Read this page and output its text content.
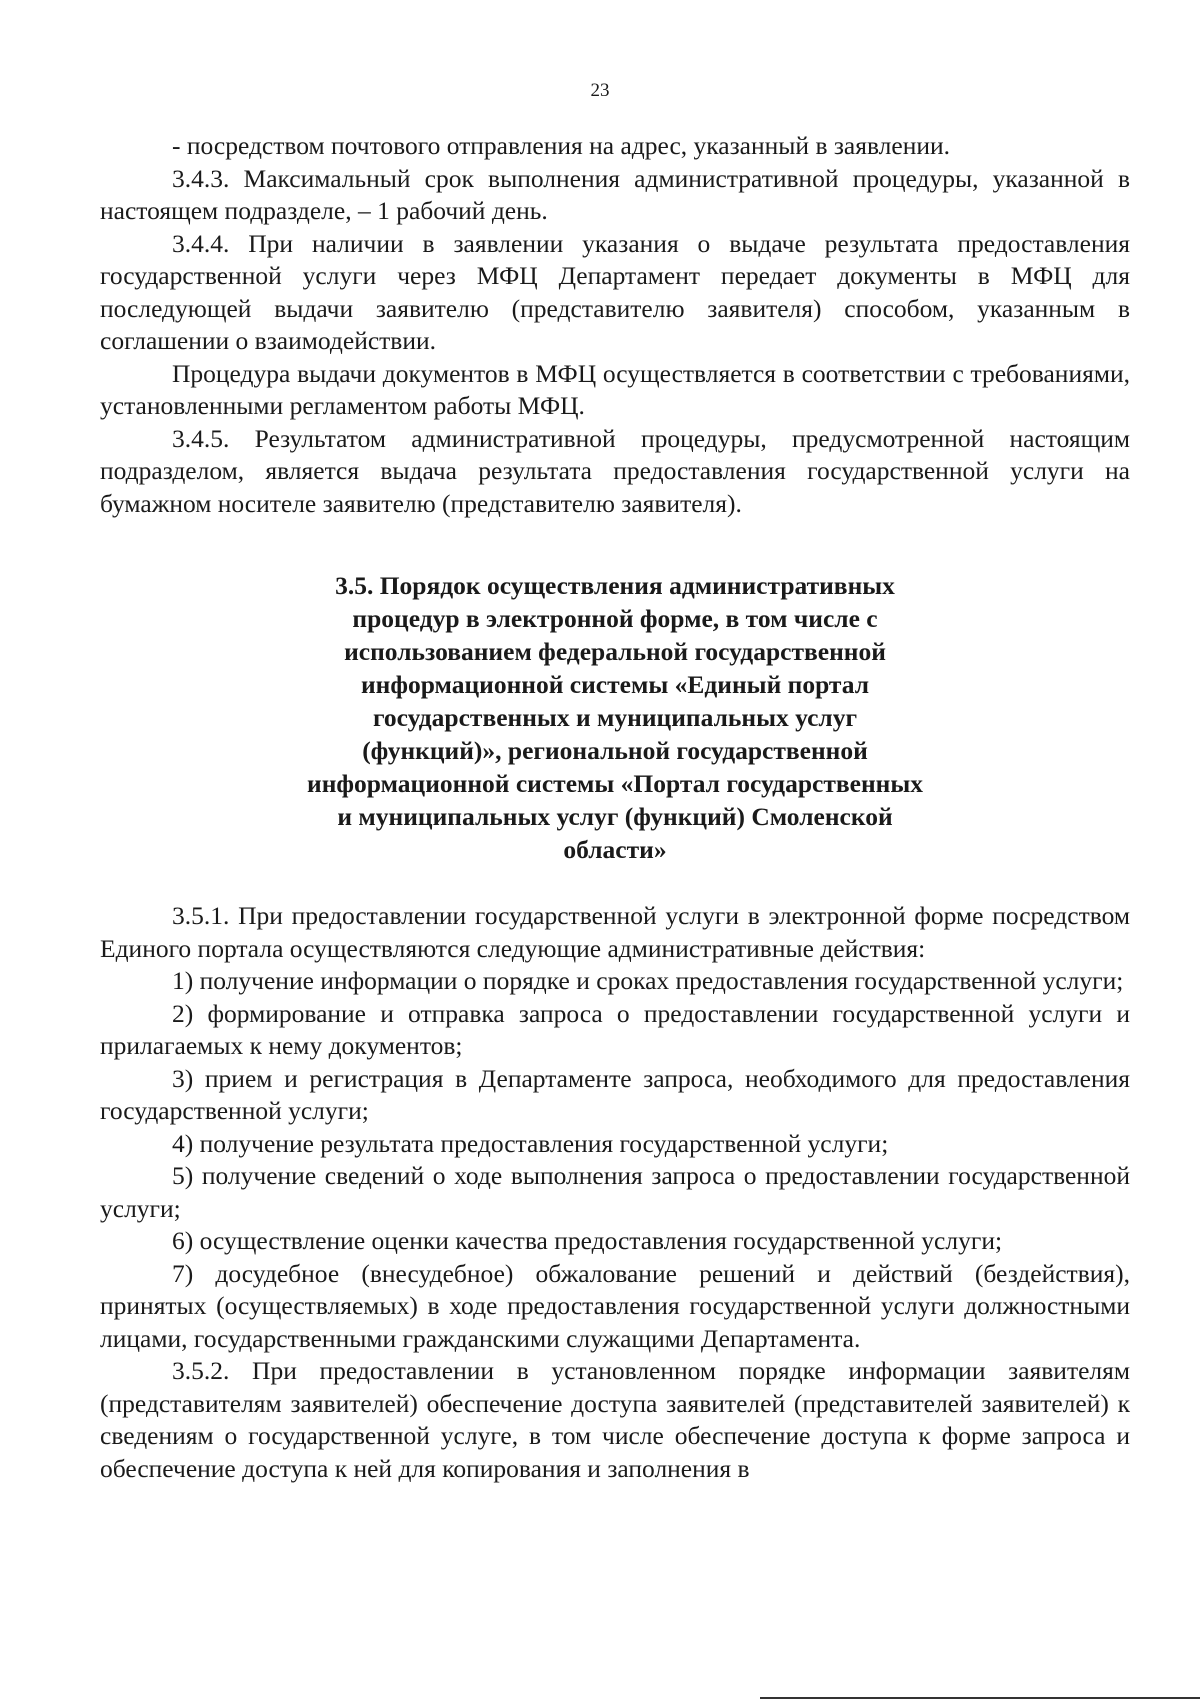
23

- посредством почтового отправления на адрес, указанный в заявлении.

3.4.3. Максимальный срок выполнения административной процедуры, указанной в настоящем подразделе, – 1 рабочий день.

3.4.4. При наличии в заявлении указания о выдаче результата предоставления государственной услуги через МФЦ Департамент передает документы в МФЦ для последующей выдачи заявителю (представителю заявителя) способом, указанным в соглашении о взаимодействии.

Процедура выдачи документов в МФЦ осуществляется в соответствии с требованиями, установленными регламентом работы МФЦ.

3.4.5. Результатом административной процедуры, предусмотренной настоящим подразделом, является выдача результата предоставления государственной услуги на бумажном носителе заявителю (представителю заявителя).

3.5. Порядок осуществления административных
процедур в электронной форме, в том числе с
использованием федеральной государственной
информационной системы «Единый портал
государственных и муниципальных услуг
(функций)», региональной государственной
информационной системы «Портал государственных
и муниципальных услуг (функций) Смоленской
области»

3.5.1. При предоставлении государственной услуги в электронной форме посредством Единого портала осуществляются следующие административные действия:

1) получение информации о порядке и сроках предоставления государственной услуги;

2) формирование и отправка запроса о предоставлении государственной услуги и прилагаемых к нему документов;

3) прием и регистрация в Департаменте запроса, необходимого для предоставления государственной услуги;

4) получение результата предоставления государственной услуги;

5) получение сведений о ходе выполнения запроса о предоставлении государственной услуги;

6) осуществление оценки качества предоставления государственной услуги;

7) досудебное (внесудебное) обжалование решений и действий (бездействия), принятых (осуществляемых) в ходе предоставления государственной услуги должностными лицами, государственными гражданскими служащими Департамента.

3.5.2. При предоставлении в установленном порядке информации заявителям (представителям заявителей) обеспечение доступа заявителей (представителей заявителей) к сведениям о государственной услуге, в том числе обеспечение доступа к форме запроса и обеспечение доступа к ней для копирования и заполнения в
